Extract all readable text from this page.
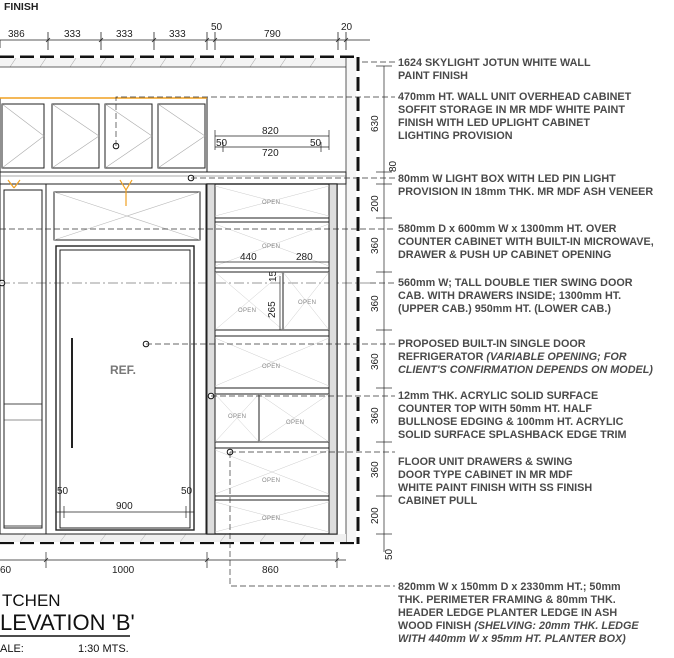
FINISH
386	333	333	333
50
790
20
REF.
OPEN
OPEN
OPEN
OPEN
OPEN
OPEN
OPEN
OPEN
OPEN
820
50
720
50
440	280
265
15
50
900
50
630
80
200
360
360
360
360
360
200
50
60	1000	860
1624 SKYLIGHT JOTUN WHITE WALL PAINT FINISH
470mm HT. WALL UNIT OVERHEAD CABINET SOFFIT STORAGE IN MR MDF WHITE PAINT FINISH WITH LED UPLIGHT CABINET LIGHTING PROVISION
80mm W LIGHT BOX WITH LED PIN LIGHT PROVISION IN 18mm THK. MR MDF ASH VENEER
580mm D x 600mm W x 1300mm HT. OVER COUNTER CABINET WITH BUILT-IN MICROWAVE, DRAWER & PUSH UP CABINET OPENING
560mm W; TALL DOUBLE TIER SWING DOOR CAB. WITH DRAWERS INSIDE; 1300mm HT. (UPPER CAB.) 950mm HT. (LOWER CAB.)
PROPOSED BUILT-IN SINGLE DOOR REFRIGERATOR (VARIABLE OPENING; FOR CLIENT'S CONFIRMATION DEPENDS ON MODEL)
12mm THK. ACRYLIC SOLID SURFACE COUNTER TOP WITH 50mm HT. HALF BULLNOSE EDGING & 100mm HT. ACRYLIC SOLID SURFACE SPLASHBACK EDGE TRIM
FLOOR UNIT DRAWERS & SWING DOOR TYPE CABINET IN MR MDF WHITE PAINT FINISH WITH SS FINISH CABINET PULL
820mm W x 150mm D x 2330mm HT.; 50mm THK. PERIMETER FRAMING & 80mm THK. HEADER LEDGE PLANTER LEDGE IN ASH WOOD FINISH (SHELVING: 20mm THK. LEDGE WITH 440mm W x 95mm HT. PLANTER BOX)
TCHEN
LEVATION 'B'
ALE:	1:30 MTS.
